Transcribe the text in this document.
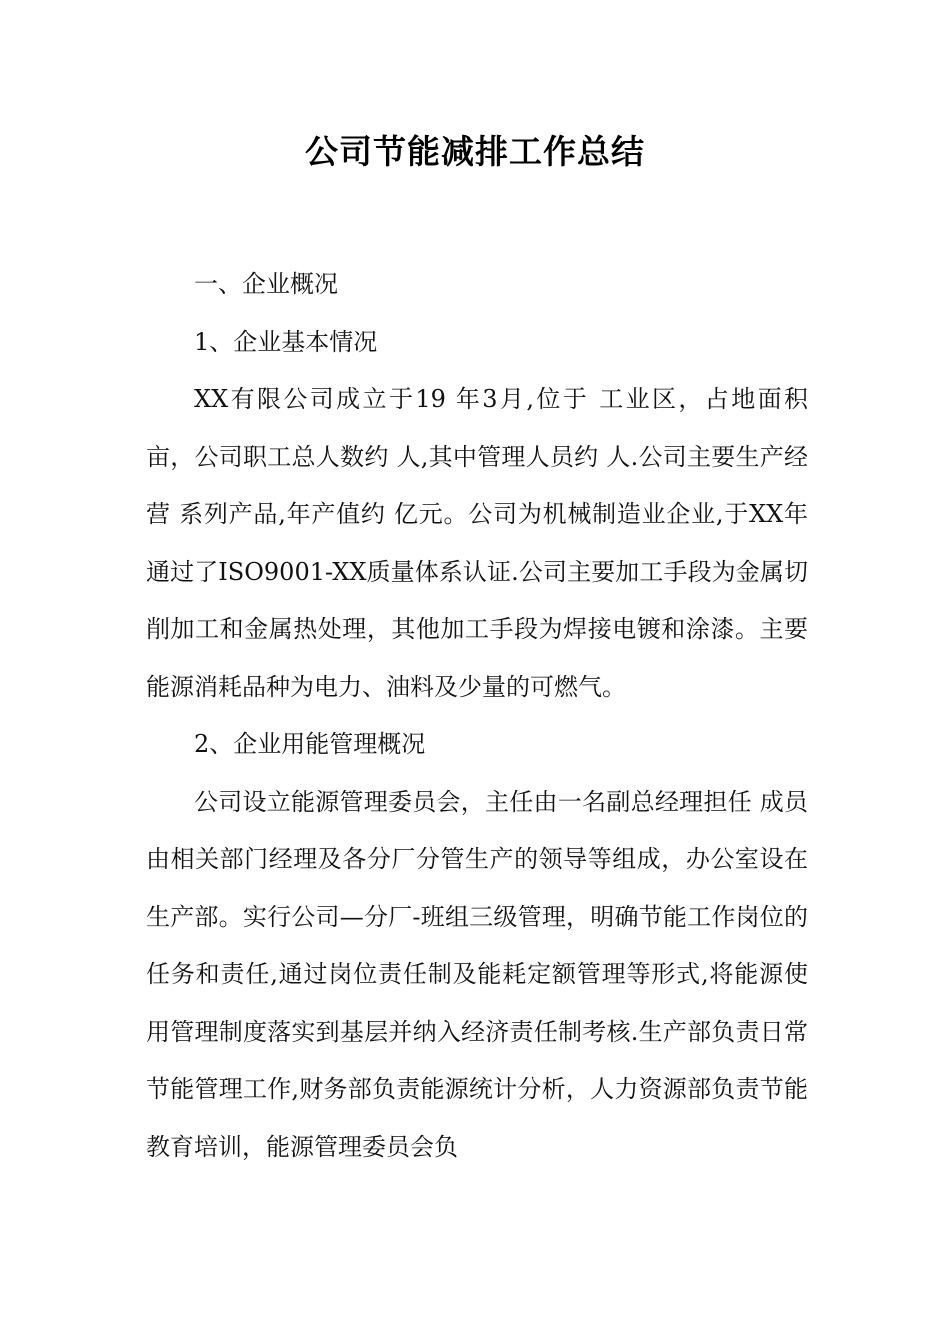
公司节能减排工作总结

一、企业概况

1、企业基本情况

XX有限公司成立于19 年3月,位于 工业区，占地面积 亩，公司职工总人数约 人,其中管理人员约 人.公司主要生产经营 系列产品,年产值约 亿元。公司为机械制造业企业,于XX年通过了ISO9001-XX质量体系认证.公司主要加工手段为金属切削加工和金属热处理，其他加工手段为焊接电镀和涂漆。主要能源消耗品种为电力、油料及少量的可燃气。

2、企业用能管理概况

公司设立能源管理委员会，主任由一名副总经理担任 成员由相关部门经理及各分厂分管生产的领导等组成，办公室设在生产部。实行公司—分厂-班组三级管理，明确节能工作岗位的任务和责任,通过岗位责任制及能耗定额管理等形式,将能源使用管理制度落实到基层并纳入经济责任制考核.生产部负责日常节能管理工作,财务部负责能源统计分析，人力资源部负责节能教育培训，能源管理委员会负
